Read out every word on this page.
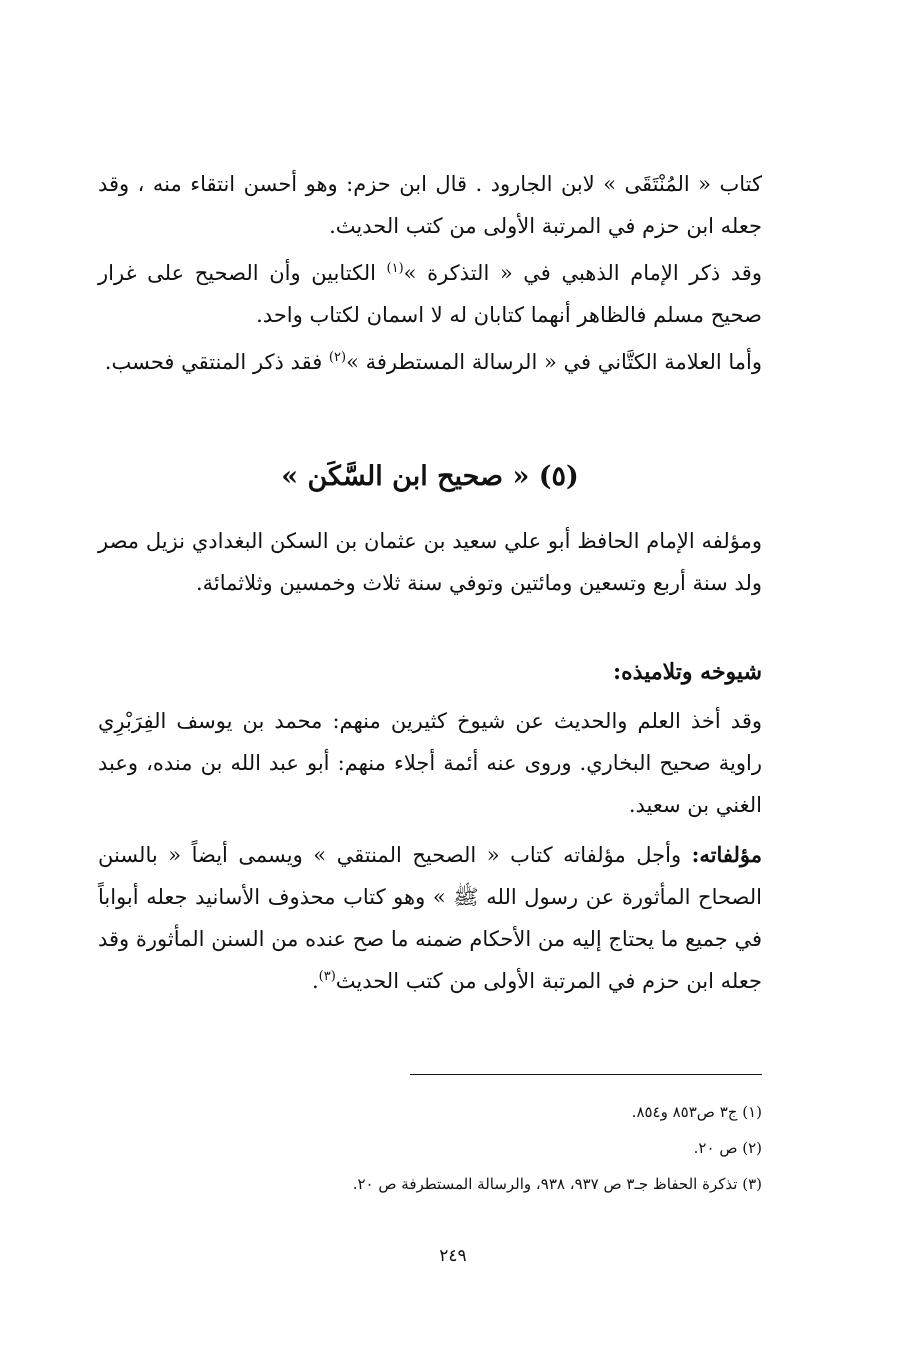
كتاب « المُنْتَقَى » لابن الجارود . قال ابن حزم: وهو أحسن انتقاء منه ، وقد جعله ابن حزم في المرتبة الأولى من كتب الحديث.

وقد ذكر الإمام الذهبي في « التذكرة »$^{(١)}$ الكتابين وأن الصحيح على غرار صحيح مسلم فالظاهر أنهما كتابان له لا اسمان لكتاب واحد.

وأما العلامة الكتَّاني في « الرسالة المستطرفة »$^{(٢)}$ فقد ذكر المنتقي فحسب.

(٥) « صحيح ابن السَّكَن »

ومؤلفه الإمام الحافظ أبو علي سعيد بن عثمان بن السكن البغدادي نزيل مصر ولد سنة أربع وتسعين ومائتين وتوفي سنة ثلاث وخمسين وثلاثمائة.

شيوخه وتلاميذه:

وقد أخذ العلم والحديث عن شيوخ كثيرين منهم: محمد بن يوسف الفِرَبْرِي راوية صحيح البخاري. وروى عنه أئمة أجلاء منهم: أبو عبد الله بن منده، وعبد الغني بن سعيد.

مؤلفاته: وأجل مؤلفاته كتاب « الصحيح المنتقي » ويسمى أيضاً « بالسنن الصحاح المأثورة عن رسول الله ﷺ » وهو كتاب محذوف الأسانيد جعله أبواباً في جميع ما يحتاج إليه من الأحكام ضمنه ما صح عنده من السنن المأثورة وقد جعله ابن حزم في المرتبة الأولى من كتب الحديث$^{(٣)}$.

(١) ج٣ ص٨٥٣ و٨٥٤.
(٢) ص ٢٠.
(٣) تذكرة الحفاظ جـ٣ ص ٩٣٧، ٩٣٨، والرسالة المستطرفة ص ٢٠.
٢٤٩
